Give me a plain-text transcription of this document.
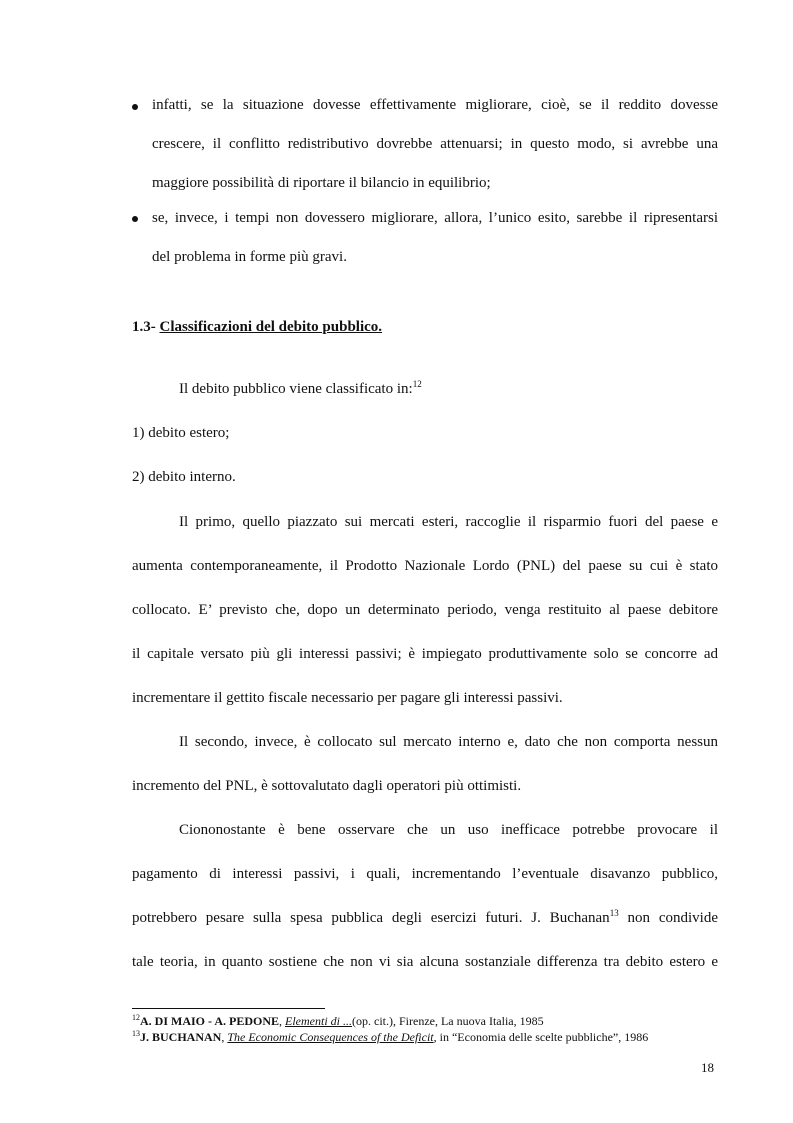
infatti, se la situazione dovesse effettivamente migliorare, cioè, se il reddito dovesse
crescere, il conflitto redistributivo dovrebbe attenuarsi; in questo modo, si avrebbe una
maggiore possibilità di riportare il bilancio in equilibrio;
se, invece, i tempi non dovessero migliorare, allora, l’unico esito, sarebbe il ripresentarsi
del problema in forme più gravi.
1.3- Classificazioni del debito pubblico.
Il debito pubblico viene classificato in:$^{12}$
1) debito estero;
2) debito interno.
Il primo, quello piazzato sui mercati esteri, raccoglie il risparmio fuori del paese e
aumenta contemporaneamente, il Prodotto Nazionale Lordo (PNL) del paese su cui è stato
collocato. E’ previsto che, dopo un determinato periodo, venga restituito al paese debitore
il capitale versato più gli interessi passivi; è impiegato produttivamente solo se concorre ad
incrementare il gettito fiscale necessario per pagare gli interessi passivi.
Il secondo, invece, è collocato sul mercato interno e, dato che non comporta nessun
incremento del PNL, è sottovalutato dagli operatori più ottimisti.
Ciononostante è bene osservare che un uso inefficace potrebbe provocare il
pagamento di interessi passivi, i quali, incrementando l’eventuale disavanzo pubblico,
potrebbero pesare sulla spesa pubblica degli esercizi futuri. J. Buchanan$^{13}$ non condivide
tale teoria, in quanto sostiene che non vi sia alcuna sostanziale differenza tra debito estero e
$^{12}$A. DI MAIO - A. PEDONE, Elementi di ...(op. cit.), Firenze, La nuova Italia, 1985
$^{13}$J. BUCHANAN, The Economic Consequences of the Deficit, in “Economia delle scelte pubbliche”, 1986
18
